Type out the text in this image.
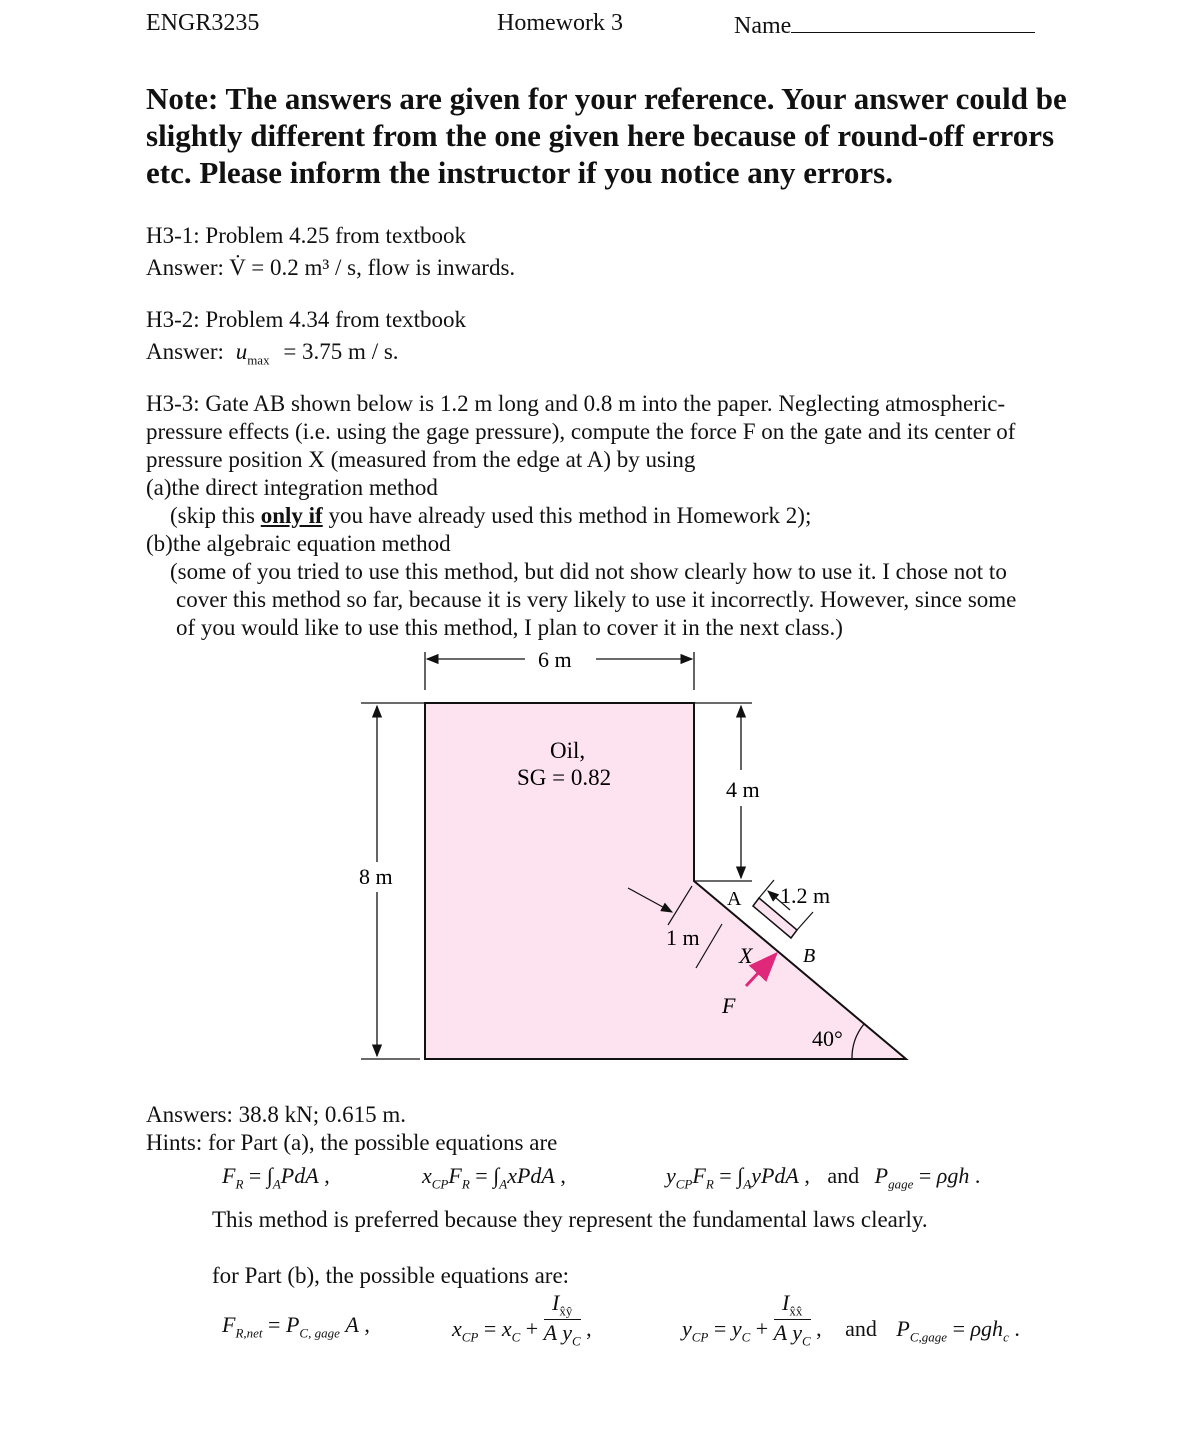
ENGR3235	Homework 3	Name
Note: The answers are given for your reference. Your answer could be slightly different from the one given here because of round-off errors etc. Please inform the instructor if you notice any errors.
H3-1: Problem 4.25 from textbook
Answer: V̇ = 0.2 m³ / s, flow is inwards.
H3-2: Problem 4.34 from textbook
Answer: $u_{max} = 3.75$ m / s.
H3-3: Gate AB shown below is 1.2 m long and 0.8 m into the paper. Neglecting atmospheric-
pressure effects (i.e. using the gage pressure), compute the force F on the gate and its center of
pressure position X (measured from the edge at A) by using
(a)the direct integration method
(skip this only if you have already used this method in Homework 2);
(b)the algebraic equation method
(some of you tried to use this method, but did not show clearly how to use it. I chose not to
cover this method so far, because it is very likely to use it incorrectly. However, since some
of you would like to use this method, I plan to cover it in the next class.)
6 m
8 m
4 m
Oil,
SG = 0.82
1.2 m
A
B
1 m
X
F
40°
Answers: 38.8 kN; 0.615 m.
Hints: for Part (a), the possible equations are
$F_R = \int_APdA$ ,	$x_{CP}F_R$ = $\int_AxPdA$ ,	$y_{CP}F_R$ = $\int_AyPdA$ , and $P_{gage} = \rho gh$ .
This method is preferred because they represent the fundamental laws clearly.
for Part (b), the possible equations are:
$F_{R,net} = P_{C, gage}$ A ,	$x_{CP} = x_C + \frac{I_{x̂ŷ}}{A y_C}$ ,	$y_{CP} = y_C + \frac{I_{x̂x̂}}{A y_C}$ , and $P_{C,gage} = \rho gh_c$ .
